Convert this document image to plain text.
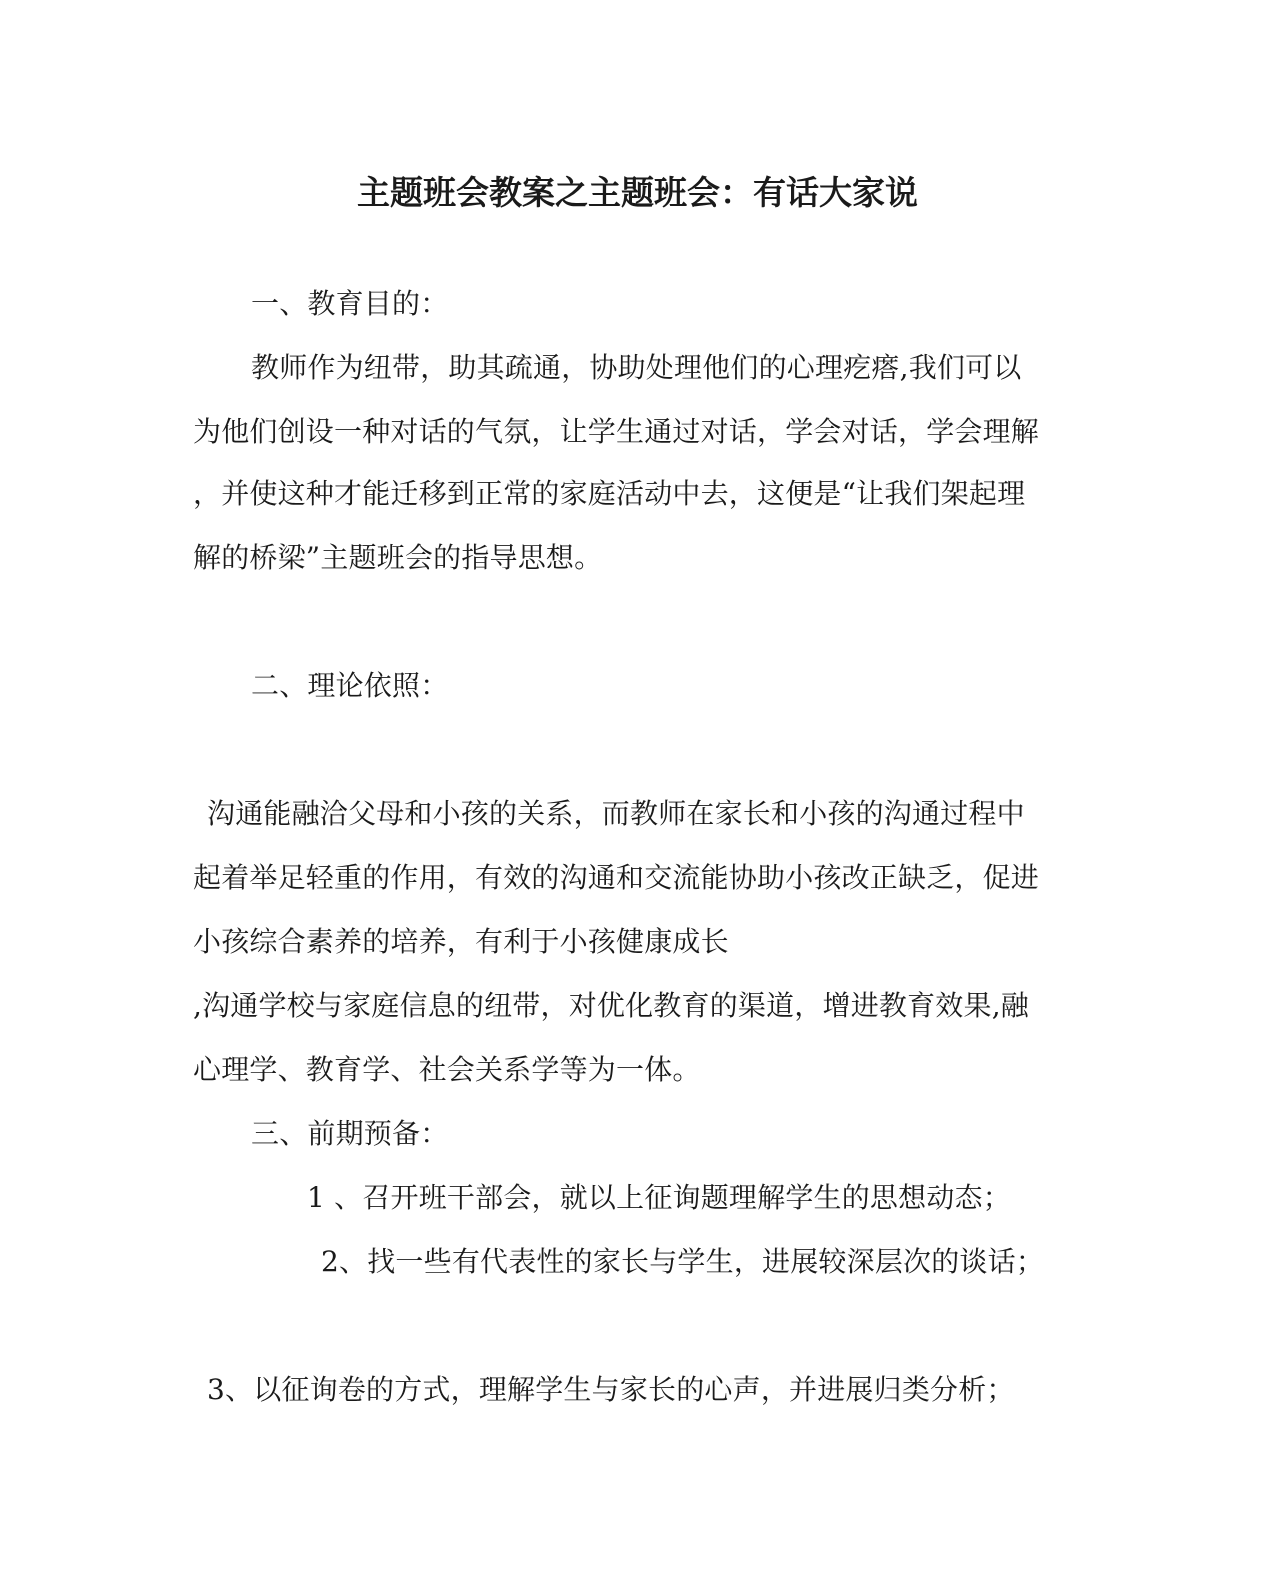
主题班会教案之主题班会：有话大家说
一、教育目的：
教师作为纽带，助其疏通，协助处理他们的心理疙瘩,我们可以
为他们创设一种对话的气氛，让学生通过对话，学会对话，学会理解
，并使这种才能迁移到正常的家庭活动中去，这便是“让我们架起理
解的桥梁”主题班会的指导思想。
二、理论依照：
沟通能融洽父母和小孩的关系，而教师在家长和小孩的沟通过程中
起着举足轻重的作用，有效的沟通和交流能协助小孩改正缺乏，促进
小孩综合素养的培养，有利于小孩健康成长
,沟通学校与家庭信息的纽带，对优化教育的渠道，增进教育效果,融
心理学、教育学、社会关系学等为一体。
三、前期预备：
1 、召开班干部会，就以上征询题理解学生的思想动态；
2、找一些有代表性的家长与学生，进展较深层次的谈话；
3、以征询卷的方式，理解学生与家长的心声，并进展归类分析；
